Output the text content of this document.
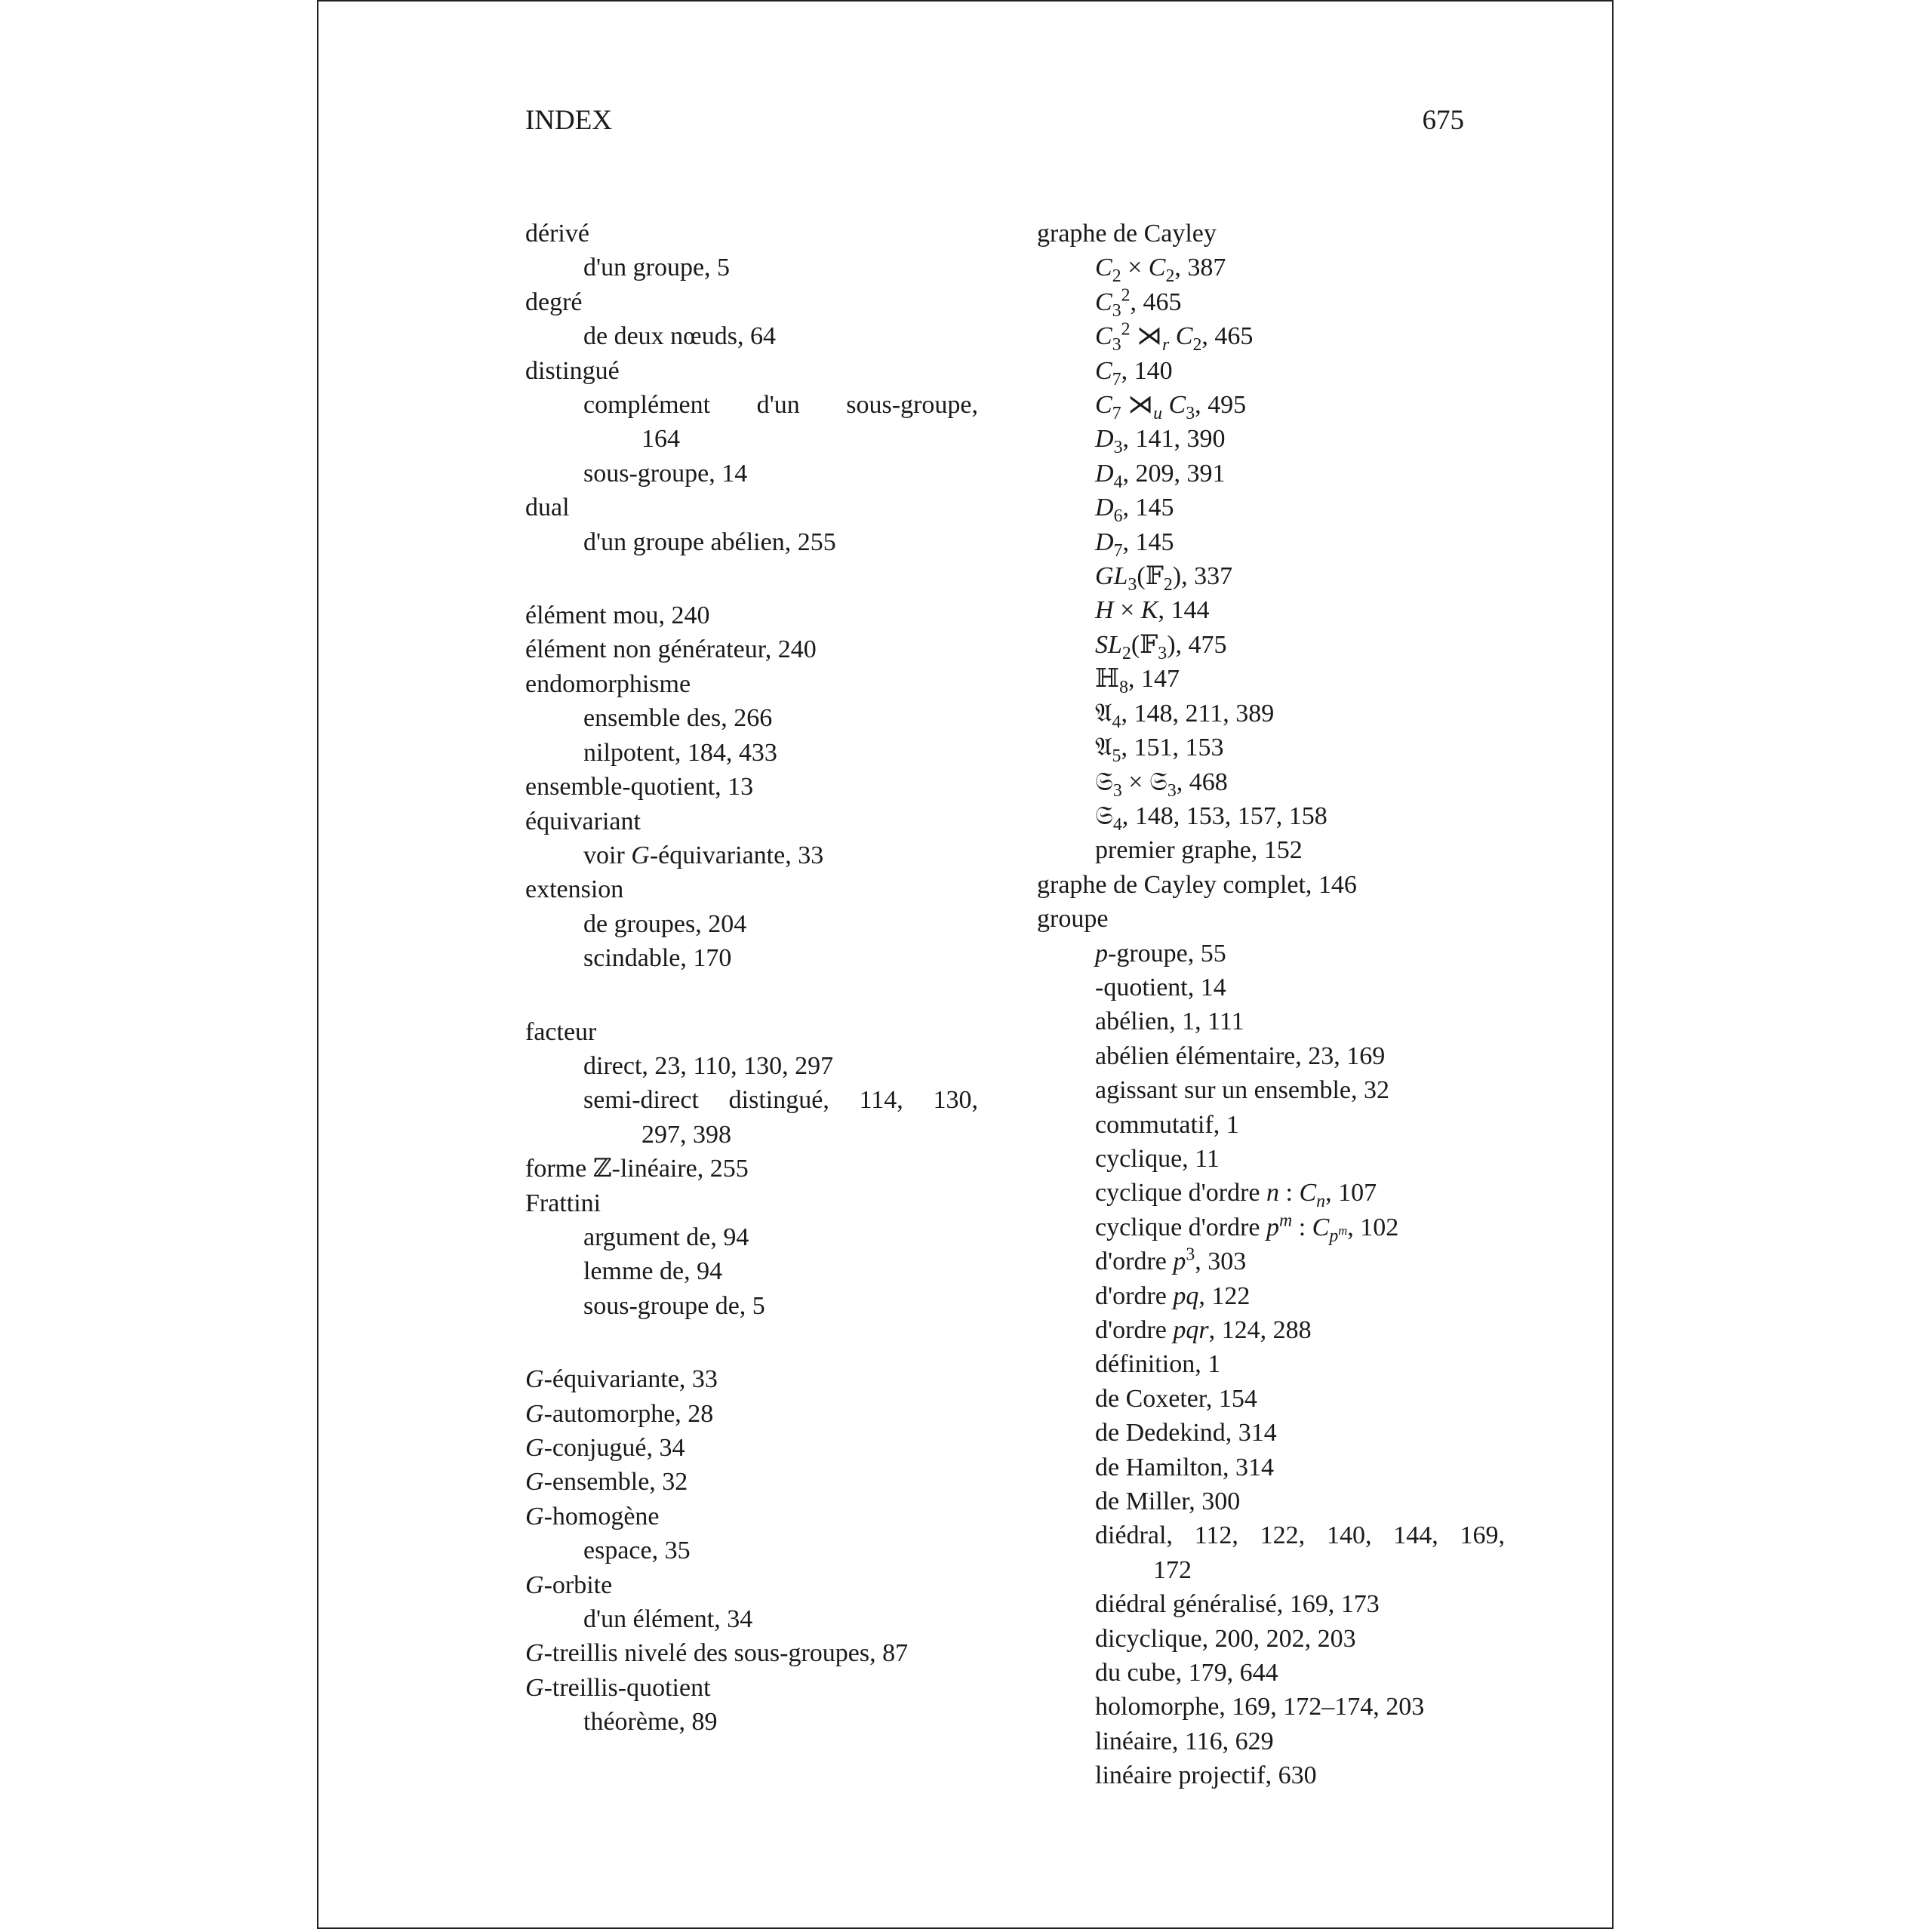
INDEX	675
dérivé
d'un groupe, 5
degré
de deux nœuds, 64
distingué
complément d'un sous-groupe,
164
sous-groupe, 14
dual
d'un groupe abélien, 255
élément mou, 240
élément non générateur, 240
endomorphisme
ensemble des, 266
nilpotent, 184, 433
ensemble-quotient, 13
équivariant
voir G-équivariante, 33
extension
de groupes, 204
scindable, 170
facteur
direct, 23, 110, 130, 297
semi-direct distingué, 114, 130,
297, 398
forme ℤ-linéaire, 255
Frattini
argument de, 94
lemme de, 94
sous-groupe de, 5
G-équivariante, 33
G-automorphe, 28
G-conjugué, 34
G-ensemble, 32
G-homogène
espace, 35
G-orbite
d'un élément, 34
G-treillis nivelé des sous-groupes, 87
G-treillis-quotient
théorème, 89
graphe de Cayley
$C_2 \times C_2$, 387
$C_3^2$, 465
$C_3^2$ $⋊_r$ $C_2$, 465
$C_7$, 140
$C_7$ $⋊_u$ $C_3$, 495
$D_3$, 141, 390
$D_4$, 209, 391
$D_6$, 145
$D_7$, 145
$GL_3(𝔽_2)$, 337
H × K, 144
$SL_2(𝔽_3)$, 475
ℍ$_8$, 147
𝔄$_4$, 148, 211, 389
𝔄$_5$, 151, 153
𝔖$_3$ × 𝔖$_3$, 468
𝔖$_4$, 148, 153, 157, 158
premier graphe, 152
graphe de Cayley complet, 146
groupe
p-groupe, 55
-quotient, 14
abélien, 1, 111
abélien élémentaire, 23, 169
agissant sur un ensemble, 32
commutatif, 1
cyclique, 11
cyclique d'ordre n : $C_n$, 107
cyclique d'ordre $p^m$ : $C_{p^m}$, 102
d'ordre $p^3$, 303
d'ordre pq, 122
d'ordre pqr, 124, 288
définition, 1
de Coxeter, 154
de Dedekind, 314
de Hamilton, 314
de Miller, 300
diédral, 112, 122, 140, 144, 169,
172
diédral généralisé, 169, 173
dicyclique, 200, 202, 203
du cube, 179, 644
holomorphe, 169, 172–174, 203
linéaire, 116, 629
linéaire projectif, 630
